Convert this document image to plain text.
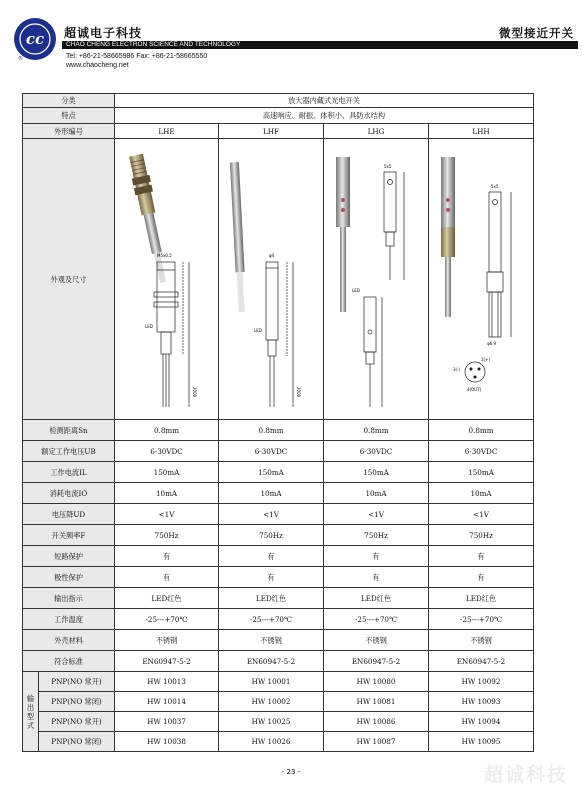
cc
®
超诚电子科技
CHAO CHENG ELECTRON SCIENCE AND TECHNOLOGY
Tel: +86-21-58665986 Fax: +86-21-58665550
www.chaocheng.net
微型接近开关
分类		放大器内藏式光电开关			
特点		高速响应、耐振、体积小、具防水结构			
外形编号		LHE	LHF	LHG	LHH
外观及尺寸		M5x0.5
LED
2000	φ4
LED
2000	5x5
LED	5x5
φ6.9
1(+)
3(-)
4(OUT)

检测距离Sn		0.8mm	0.8mm	0.8mm	0.8mm
额定工作电压UB		6-30VDC	6-30VDC	6-30VDC	6-30VDC
工作电流IL		150mA	150mA	150mA	150mA
消耗电流IO		10mA	10mA	10mA	10mA
电压降UD		<1V	<1V	<1V	<1V
开关频率F		750Hz	750Hz	750Hz	750Hz
短路保护		有	有	有	有
极性保护		有	有	有	有
输出指示		LED红色	LED红色	LED红色	LED红色
工作温度		-25---+70℃	-25---+70℃	-25---+70℃	-25---+70℃
外壳材料		不锈钢	不锈钢	不锈钢	不锈钢
符合标准		EN60947-5-2	EN60947-5-2	EN60947-5-2	EN60947-5-2
输出型式	PNP(NO 常开)	HW 10013	HW 10001	HW 10080	HW 10092
	PNP(NO 常闭)	HW 10014	HW 10002	HW 10081	HW 10093
	PNP(NO 常开)	HW 10037	HW 10025	HW 10086	HW 10094
	PNP(NO 常闭)	HW 10038	HW 10026	HW 10087	HW 10095
- 23 -	超诚科技
